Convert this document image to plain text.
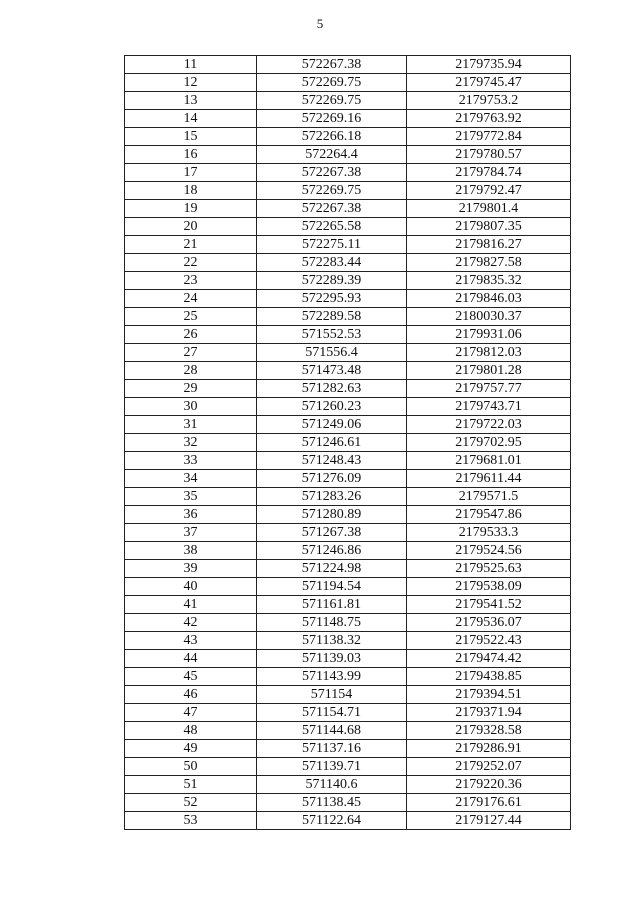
5
11	572267.38	2179735.94
12	572269.75	2179745.47
13	572269.75	2179753.2
14	572269.16	2179763.92
15	572266.18	2179772.84
16	572264.4	2179780.57
17	572267.38	2179784.74
18	572269.75	2179792.47
19	572267.38	2179801.4
20	572265.58	2179807.35
21	572275.11	2179816.27
22	572283.44	2179827.58
23	572289.39	2179835.32
24	572295.93	2179846.03
25	572289.58	2180030.37
26	571552.53	2179931.06
27	571556.4	2179812.03
28	571473.48	2179801.28
29	571282.63	2179757.77
30	571260.23	2179743.71
31	571249.06	2179722.03
32	571246.61	2179702.95
33	571248.43	2179681.01
34	571276.09	2179611.44
35	571283.26	2179571.5
36	571280.89	2179547.86
37	571267.38	2179533.3
38	571246.86	2179524.56
39	571224.98	2179525.63
40	571194.54	2179538.09
41	571161.81	2179541.52
42	571148.75	2179536.07
43	571138.32	2179522.43
44	571139.03	2179474.42
45	571143.99	2179438.85
46	571154	2179394.51
47	571154.71	2179371.94
48	571144.68	2179328.58
49	571137.16	2179286.91
50	571139.71	2179252.07
51	571140.6	2179220.36
52	571138.45	2179176.61
53	571122.64	2179127.44
